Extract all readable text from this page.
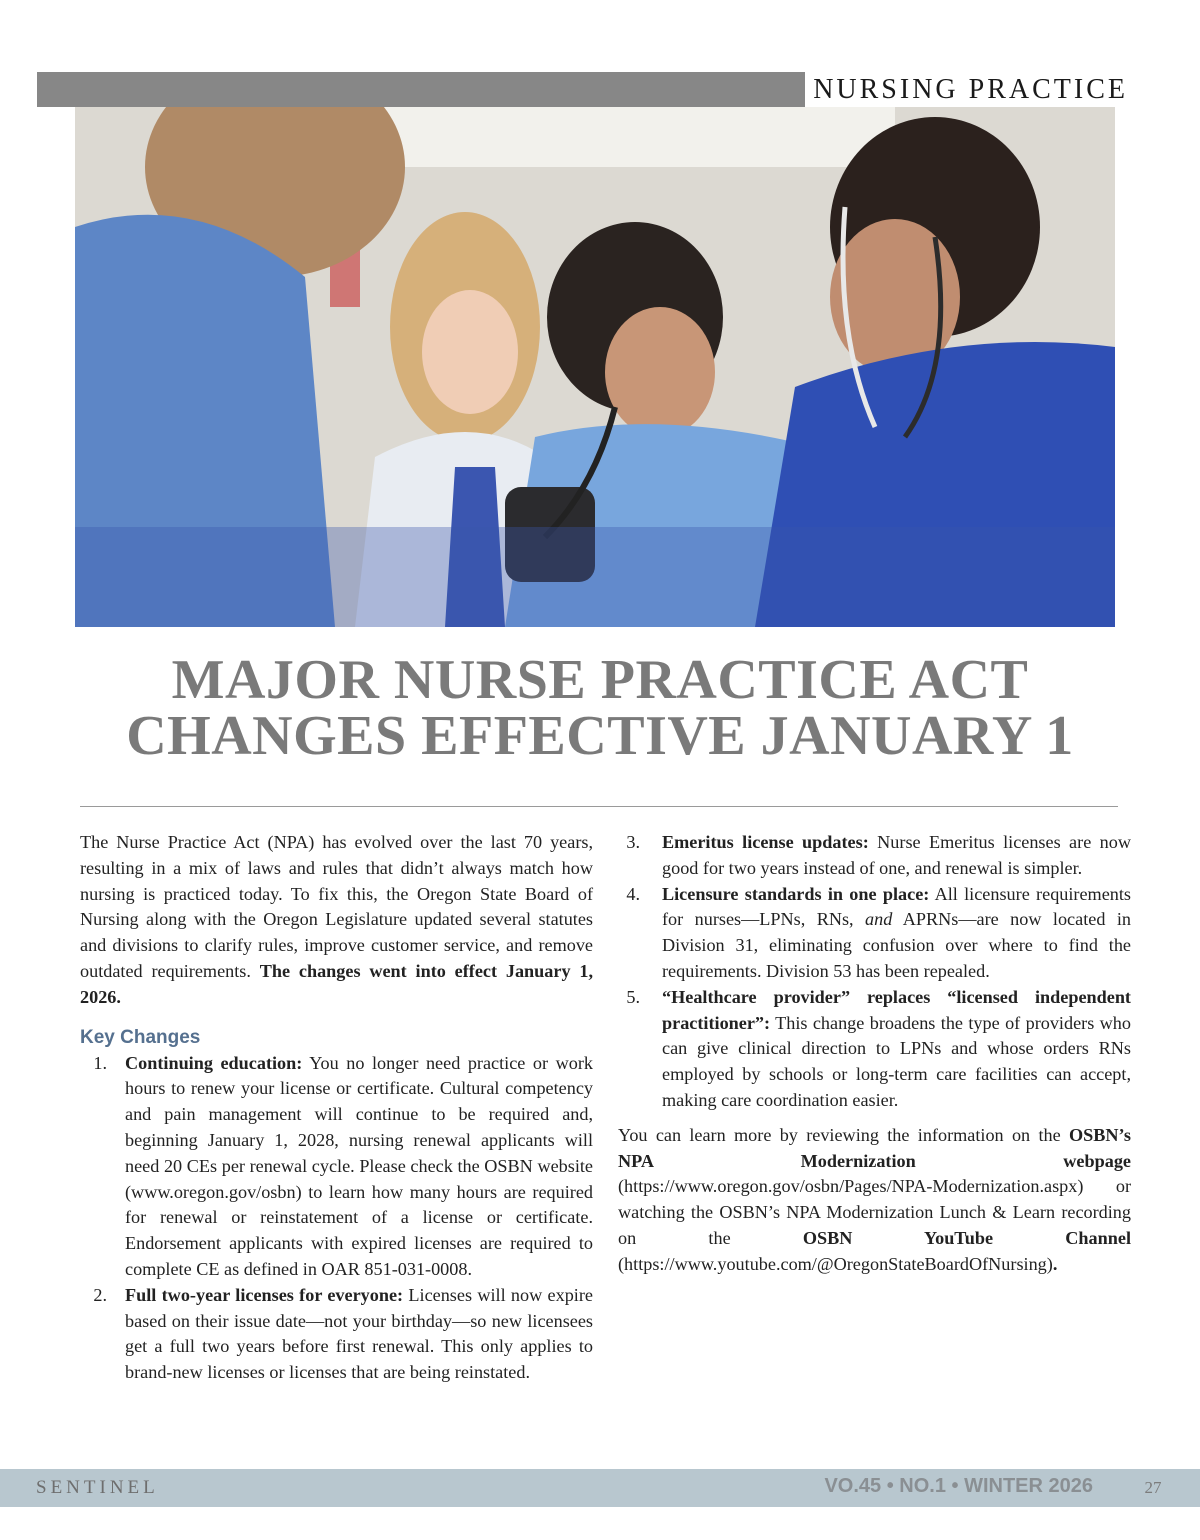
NURSING PRACTICE
MAJOR NURSE PRACTICE ACT
CHANGES EFFECTIVE JANUARY 1

The Nurse Practice Act (NPA) has evolved over the last 70 years, resulting in a mix of laws and rules that didn’t always match how nursing is practiced today. To fix this, the Oregon State Board of Nursing along with the Oregon Legislature updated several statutes and divisions to clarify rules, improve customer service, and remove outdated requirements. The changes went into effect January 1, 2026.

Key Changes
1. Continuing education: You no longer need practice or work hours to renew your license or certificate. Cultural competency and pain management will continue to be required and, beginning January 1, 2028, nursing renewal applicants will need 20 CEs per renewal cycle. Please check the OSBN website (www.oregon.gov/osbn) to learn how many hours are required for renewal or reinstatement of a license or certificate. Endorsement applicants with expired licenses are required to complete CE as defined in OAR 851-031-0008.
2. Full two-year licenses for everyone: Licenses will now expire based on their issue date—not your birthday—so new licensees get a full two years before first renewal. This only applies to brand-new licenses or licenses that are being reinstated.
3. Emeritus license updates: Nurse Emeritus licenses are now good for two years instead of one, and renewal is simpler.
4. Licensure standards in one place: All licensure requirements for nurses—LPNs, RNs, and APRNs—are now located in Division 31, eliminating confusion over where to find the requirements. Division 53 has been repealed.
5. “Healthcare provider” replaces “licensed independent practitioner”: This change broadens the type of providers who can give clinical direction to LPNs and whose orders RNs employed by schools or long-term care facilities can accept, making care coordination easier.

You can learn more by reviewing the information on the OSBN’s NPA Modernization webpage (https://www.oregon.gov/osbn/Pages/NPA-Modernization.aspx) or watching the OSBN’s NPA Modernization Lunch & Learn recording on the OSBN YouTube Channel (https://www.youtube.com/@OregonStateBoardOfNursing).

SENTINEL	VO.45 • NO.1 • WINTER 2026	27
